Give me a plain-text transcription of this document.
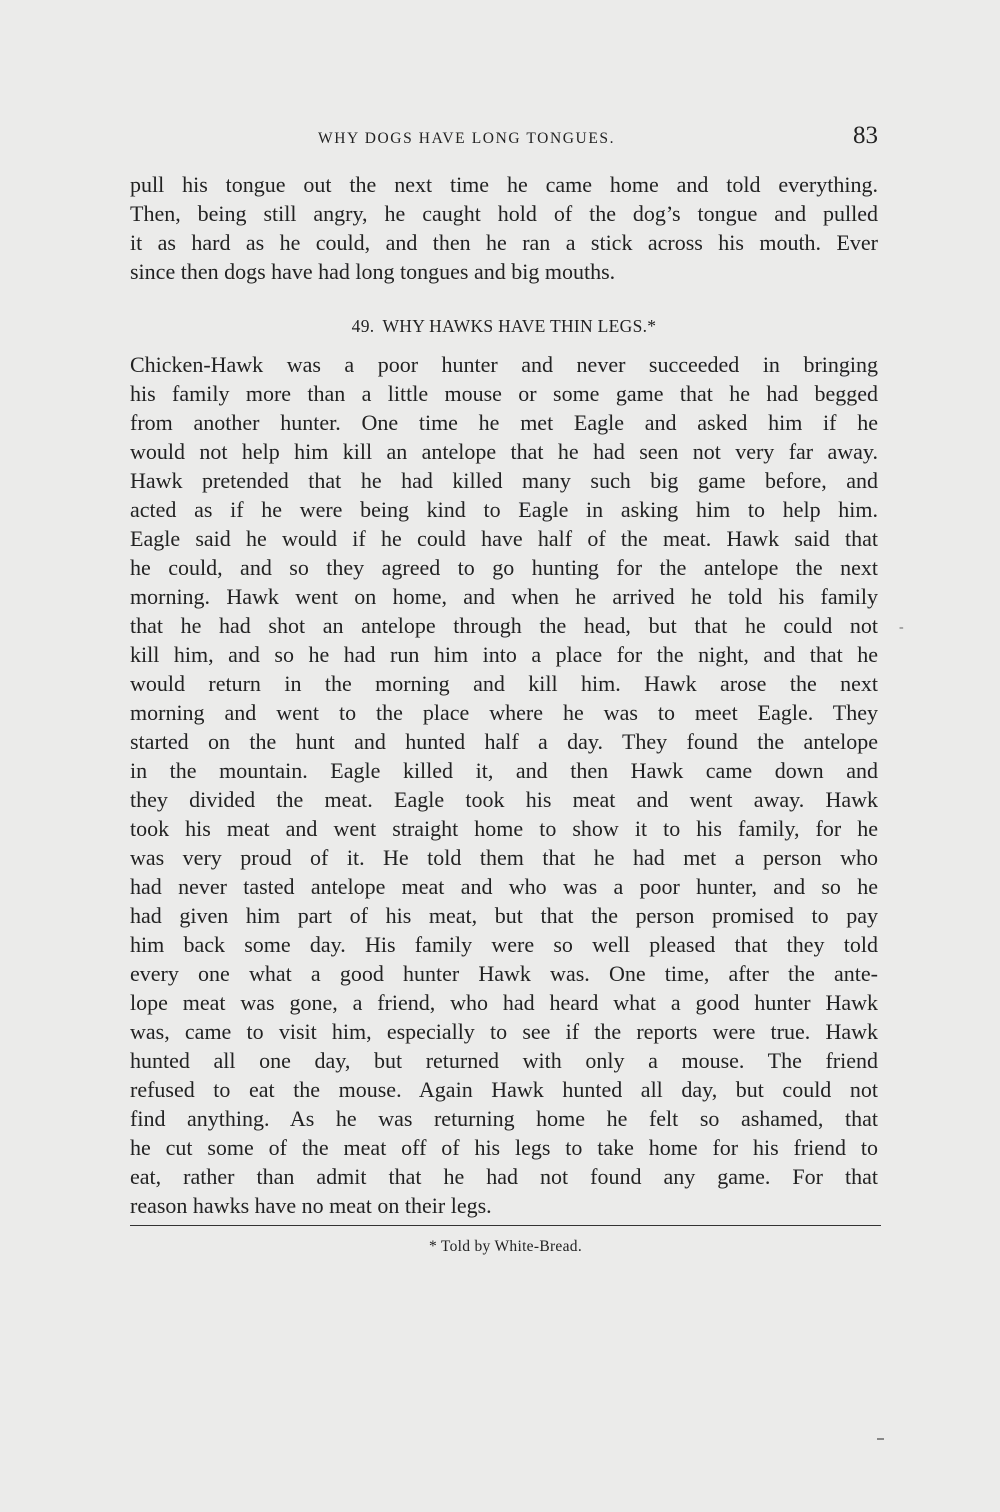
WHY DOGS HAVE LONG TONGUES.	83
pull his tongue out the next time he came home and told everything.
Then, being still angry, he caught hold of the dog’s tongue and pulled
it as hard as he could, and then he ran a stick across his mouth. Ever
since then dogs have had long tongues and big mouths.
49. WHY HAWKS HAVE THIN LEGS.*
Chicken-Hawk was a poor hunter and never succeeded in bringing
his family more than a little mouse or some game that he had begged
from another hunter. One time he met Eagle and asked him if he
would not help him kill an antelope that he had seen not very far away.
Hawk pretended that he had killed many such big game before, and
acted as if he were being kind to Eagle in asking him to help him.
Eagle said he would if he could have half of the meat. Hawk said that
he could, and so they agreed to go hunting for the antelope the next
morning. Hawk went on home, and when he arrived he told his family
that he had shot an antelope through the head, but that he could not
kill him, and so he had run him into a place for the night, and that he
would return in the morning and kill him. Hawk arose the next
morning and went to the place where he was to meet Eagle. They
started on the hunt and hunted half a day. They found the antelope
in the mountain. Eagle killed it, and then Hawk came down and
they divided the meat. Eagle took his meat and went away. Hawk
took his meat and went straight home to show it to his family, for he
was very proud of it. He told them that he had met a person who
had never tasted antelope meat and who was a poor hunter, and so he
had given him part of his meat, but that the person promised to pay
him back some day. His family were so well pleased that they told
every one what a good hunter Hawk was. One time, after the ante-
lope meat was gone, a friend, who had heard what a good hunter Hawk
was, came to visit him, especially to see if the reports were true. Hawk
hunted all one day, but returned with only a mouse. The friend
refused to eat the mouse. Again Hawk hunted all day, but could not
find anything. As he was returning home he felt so ashamed, that
he cut some of the meat off of his legs to take home for his friend to
eat, rather than admit that he had not found any game. For that
reason hawks have no meat on their legs.
* Told by White-Bread.
-
